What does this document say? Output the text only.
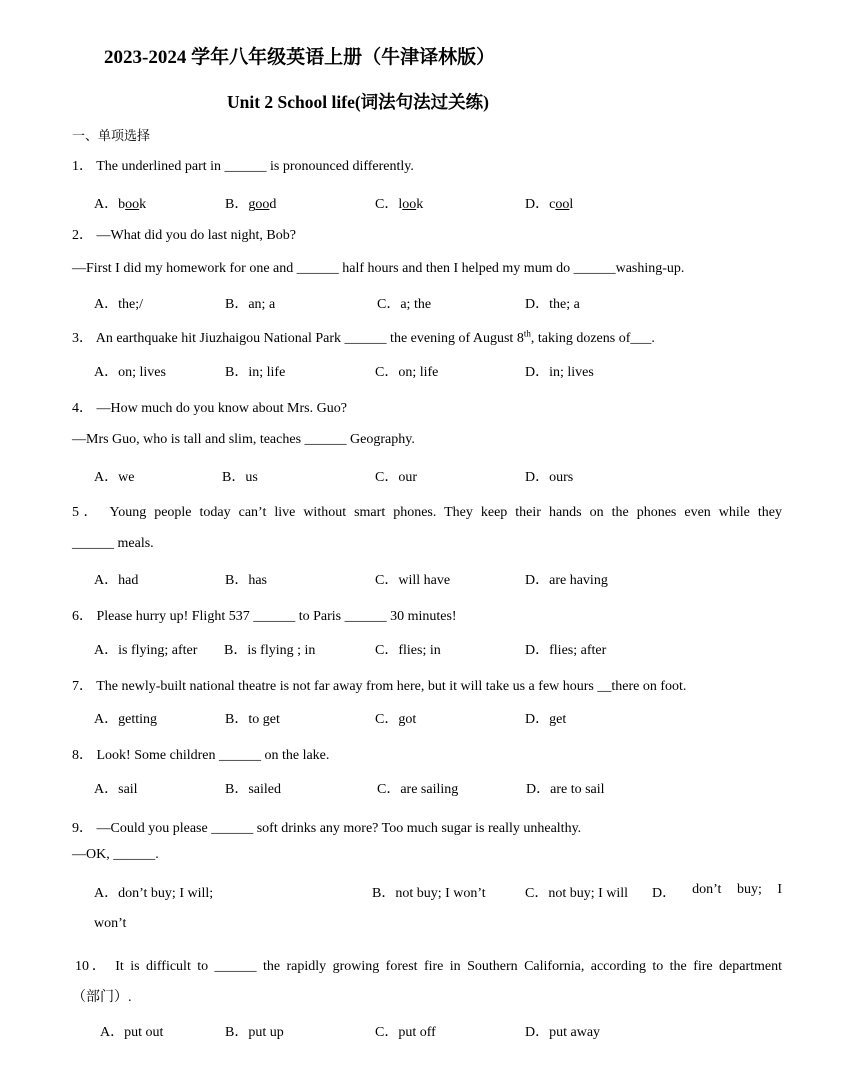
2023-2024 学年八年级英语上册（牛津译林版）
Unit 2 School life(词法句法过关练)
一、单项选择
1． The underlined part in ______ is pronounced differently.
A．book	B．good	C．look	D．cool
2． —What did you do last night, Bob?
—First I did my homework for one and ______ half hours and then I helped my mum do ______washing-up.
A．the;/	B．an; a	C．a; the	D．the; a
3． An earthquake hit Jiuzhaigou National Park ______ the evening of August 8th, taking dozens of___.
A．on; lives	B．in; life	C．on; life	D．in; lives
4． —How much do you know about Mrs. Guo?
—Mrs Guo, who is tall and slim, teaches ______ Geography.
A．we	B．us	C．our	D．ours
5． Young people today can’t live without smart phones. They keep their hands on the phones even while they
______ meals.
A．had	B．has	C．will have	D．are having
6． Please hurry up! Flight 537 ______ to Paris ______ 30 minutes!
A．is flying; after B．is flying ; in	C．flies; in	D．flies; after
7． The newly-built national theatre is not far away from here, but it will take us a few hours __there on foot.
A．getting	B．to get	C．got	D．get
8． Look! Some children ______ on the lake.
A．sail	B．sailed	C．are sailing	D．are to sail
9． —Could you please ______ soft drinks any more? Too much sugar is really unhealthy.
—OK, ______.
A．don’t buy; I will;	B．not buy; I won’t	C．not buy; I will D． don’t buy; I
won’t
10． It is difficult to ______ the rapidly growing forest fire in Southern California, according to the fire department
（部门）.
A．put out	B．put up	C．put off	D．put away
